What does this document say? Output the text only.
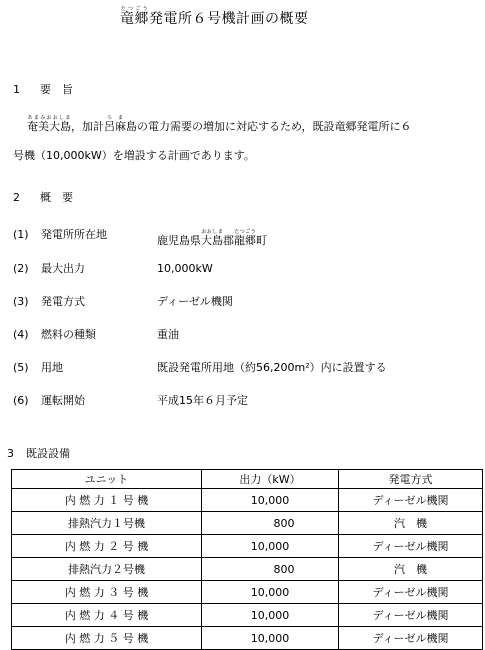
竜郷たつごう発電所６号機計画の概要
1 要　旨
奄美大島あまみおおしま，加計呂麻ろま島の電力需要の増加に対応するため，既設竜郷発電所に６
号機（10,000kW）を増設する計画であります。
2 概　要
(1) 発電所所在地	鹿児島県大島おおしま郡龍郷たつごう町
(2) 最大出力	10,000kW
(3) 発電方式	ディーゼル機関
(4) 燃料の種類	重油
(5) 用地	既設発電所用地（約56,200m²）内に設置する
(6) 運転開始	平成15年６月予定
3 既設設備
ユニット	出力（kW）	発電方式
内 燃 力 １ 号 機	10,000	ディーゼル機関
排熱汽力１号機	800	汽　機
内 燃 力 ２ 号 機	10,000	ディーゼル機関
排熱汽力２号機	800	汽　機
内 燃 力 ３ 号 機	10,000	ディーゼル機関
内 燃 力 ４ 号 機	10,000	ディーゼル機関
内 燃 力 ５ 号 機	10,000	ディーゼル機関
